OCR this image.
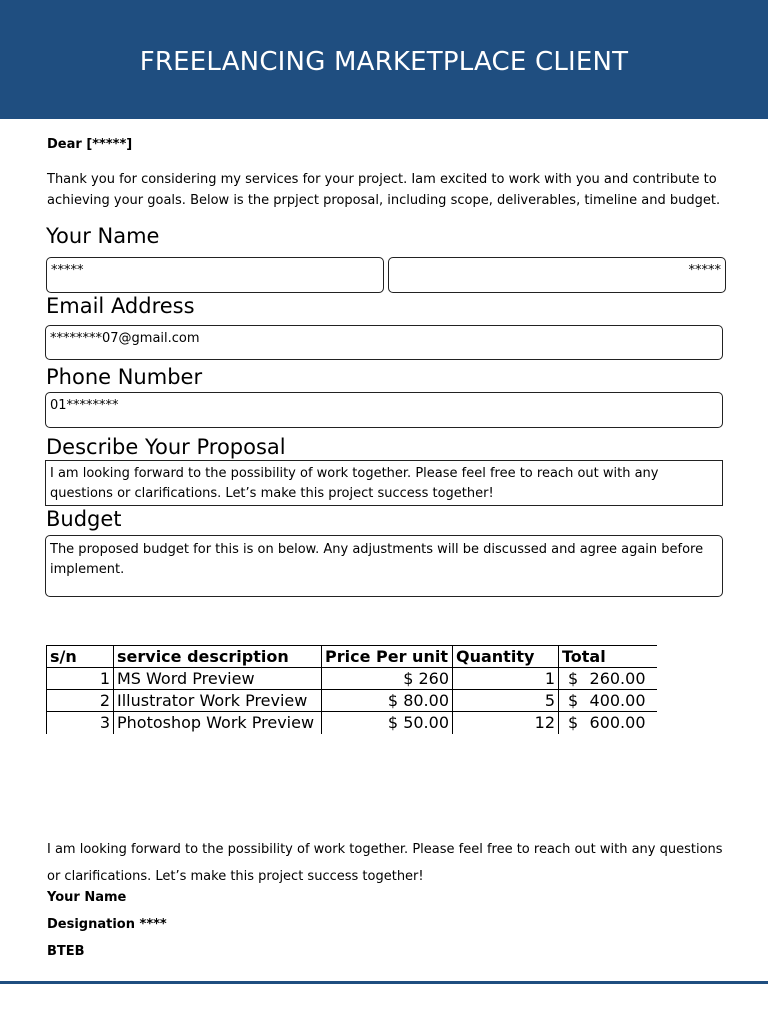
FREELANCING MARKETPLACE CLIENT
Dear [*****]
Thank you for considering my services for your project. Iam excited to work with you and contribute to achieving your goals. Below is the prpject proposal, including scope, deliverables, timeline and budget.
Your Name
*****	*****
Email Address
********07@gmail.com
Phone Number
01********
Describe Your Proposal
I am looking forward to the possibility of work together. Please feel free to reach out with any questions or clarifications. Let’s make this project success together!
Budget
The proposed budget for this is on below. Any adjustments will be discussed and agree again before implement.
s/n	service description	Price Per unit	Quantity	Total
1	MS Word Preview	$ 260	1	$ 260.00

2	Illustrator Work Preview	$ 80.00	5	$ 400.00

3	Photoshop Work Preview	$ 50.00	12	$ 600.00
I am looking forward to the possibility of work together. Please feel free to reach out with any questions or clarifications. Let’s make this project success together!
Your Name
Designation ****
BTEB
